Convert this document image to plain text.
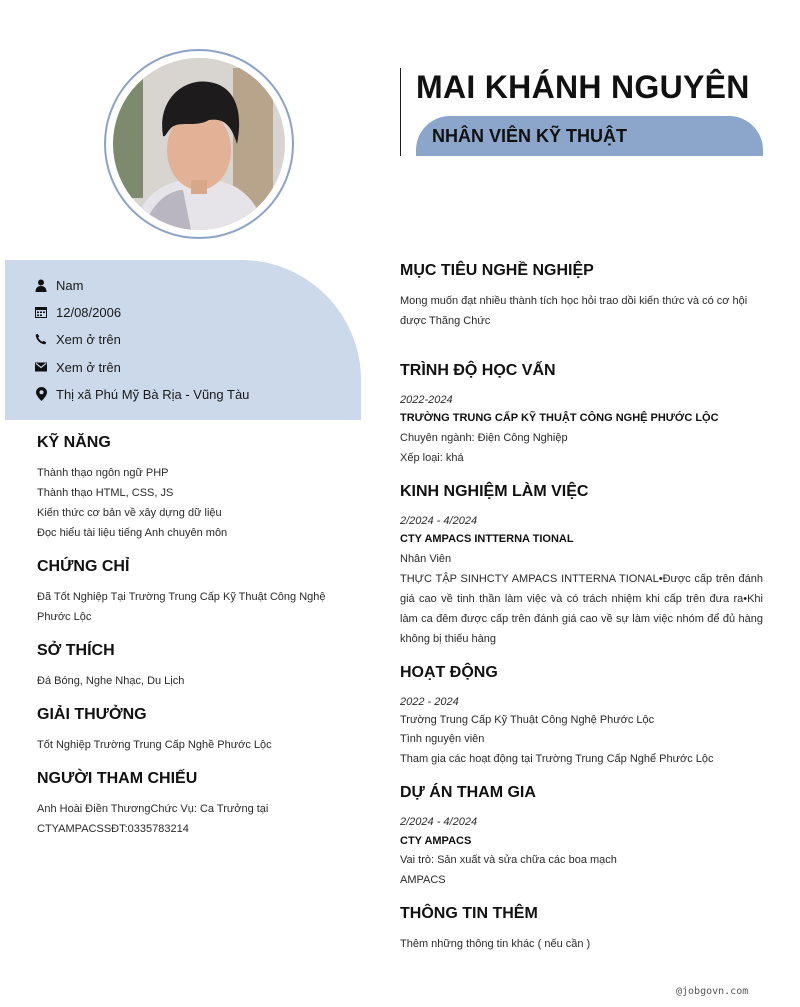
MAI KHÁNH NGUYÊN
NHÂN VIÊN KỸ THUẬT
Nam
12/08/2006
Xem ở trên
Xem ở trên
Thị xã Phú Mỹ Bà Rịa - Vũng Tàu
KỸ NĂNG
Thành thạo ngôn ngữ PHP
Thành thạo HTML, CSS, JS
Kiến thức cơ bản về xây dựng dữ liệu
Đọc hiểu tài liệu tiếng Anh chuyên môn
CHỨNG CHỈ
Đã Tốt Nghiệp Tại Trường Trung Cấp Kỹ Thuật Công Nghệ Phước Lộc
SỞ THÍCH
Đá Bóng, Nghe Nhạc, Du Lịch
GIẢI THƯỞNG
Tốt Nghiệp Trường Trung Cấp Nghề Phước Lộc
NGƯỜI THAM CHIẾU
Anh Hoài Điền ThươngChức Vụ: Ca Trưởng tại
CTYAMPACSSĐT:0335783214
MỤC TIÊU NGHỀ NGHIỆP
Mong muốn đạt nhiều thành tích học hỏi trao dồi kiến thức và có cơ hội được Thăng Chức
TRÌNH ĐỘ HỌC VẤN
2022-2024
TRƯỜNG TRUNG CẤP KỸ THUẬT CÔNG NGHỆ PHƯỚC LỘC
Chuyên ngành: Điện Công Nghiệp
Xếp loại: khá
KINH NGHIỆM LÀM VIỆC
2/2024 - 4/2024
CTY AMPACS INTTERNA TIONAL
Nhân Viên
THỰC TẬP SINHCTY AMPACS INTTERNA TIONAL•Được cấp trên đánh giá cao về tinh thần làm việc và có trách nhiệm khi cấp trên đưa ra•Khi làm ca đêm được cấp trên đánh giá cao về sự làm việc nhóm để đủ hàng không bị thiếu hàng
HOẠT ĐỘNG
2022 - 2024
Trường Trung Cấp Kỹ Thuật Công Nghệ Phước Lộc
Tình nguyện viên
Tham gia các hoạt động tại Trường Trung Cấp Nghể Phước Lộc
DỰ ÁN THAM GIA
2/2024 - 4/2024
CTY AMPACS
Vai trò: Sản xuất và sửa chữa các boa mạch
AMPACS
THÔNG TIN THÊM
Thêm những thông tin khác ( nếu cần )
@jobgovn.com
